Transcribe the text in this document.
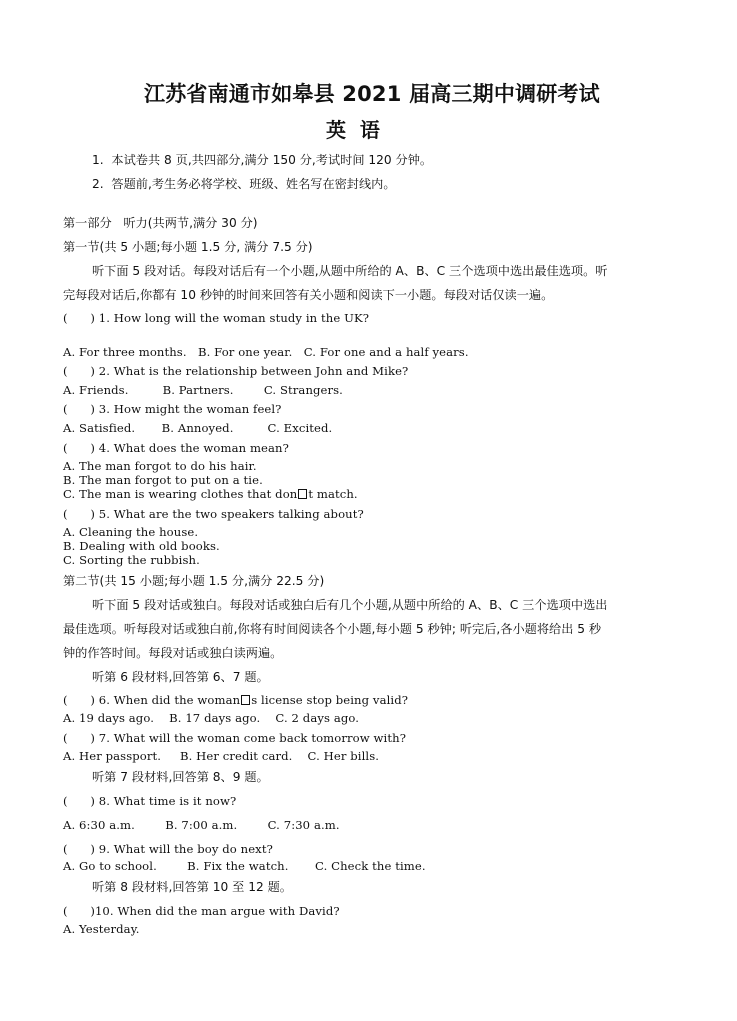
江苏省南通市如皋县 2021 届高三期中调研考试
英  语
1.  本试卷共 8 页,共四部分,满分 150 分,考试时间 120 分钟。
2.  答题前,考生务必将学校、班级、姓名写在密封线内。
第一部分   听力(共两节,满分 30 分)
第一节(共 5 小题;每小题 1.5 分, 满分 7.5 分)
听下面 5 段对话。每段对话后有一个小题,从题中所给的 A、B、C 三个选项中选出最佳选项。听
完每段对话后,你都有 10 秒钟的时间来回答有关小题和阅读下一小题。每段对话仅读一遍。
(      ) 1. How long will the woman study in the UK?
A. For three months.   B. For one year.   C. For one and a half years.
(      ) 2. What is the relationship between John and Mike?
A. Friends.         B. Partners.        C. Strangers.
(      ) 3. How might the woman feel?
A. Satisfied.       B. Annoyed.         C. Excited.
(      ) 4. What does the woman mean?
A. The man forgot to do his hair.
B. The man forgot to put on a tie.
C. The man is wearing clothes that don t match.
(      ) 5. What are the two speakers talking about?
A. Cleaning the house.
B. Dealing with old books.
C. Sorting the rubbish.
第二节(共 15 小题;每小题 1.5 分,满分 22.5 分)
听下面 5 段对话或独白。每段对话或独白后有几个小题,从题中所给的 A、B、C 三个选项中选出
最佳选项。听每段对话或独白前,你将有时间阅读各个小题,每小题 5 秒钟; 听完后,各小题将给出 5 秒
钟的作答时间。每段对话或独白读两遍。
听第 6 段材料,回答第 6、7 题。
(      ) 6. When did the woman s license stop being valid?
A. 19 days ago.    B. 17 days ago.    C. 2 days ago.
(      ) 7. What will the woman come back tomorrow with?
A. Her passport.     B. Her credit card.    C. Her bills.
听第 7 段材料,回答第 8、9 题。
(      ) 8. What time is it now?
A. 6:30 a.m.        B. 7:00 a.m.        C. 7:30 a.m.
(      ) 9. What will the boy do next?
A. Go to school.        B. Fix the watch.       C. Check the time.
听第 8 段材料,回答第 10 至 12 题。
(      )10. When did the man argue with David?
A. Yesterday.
